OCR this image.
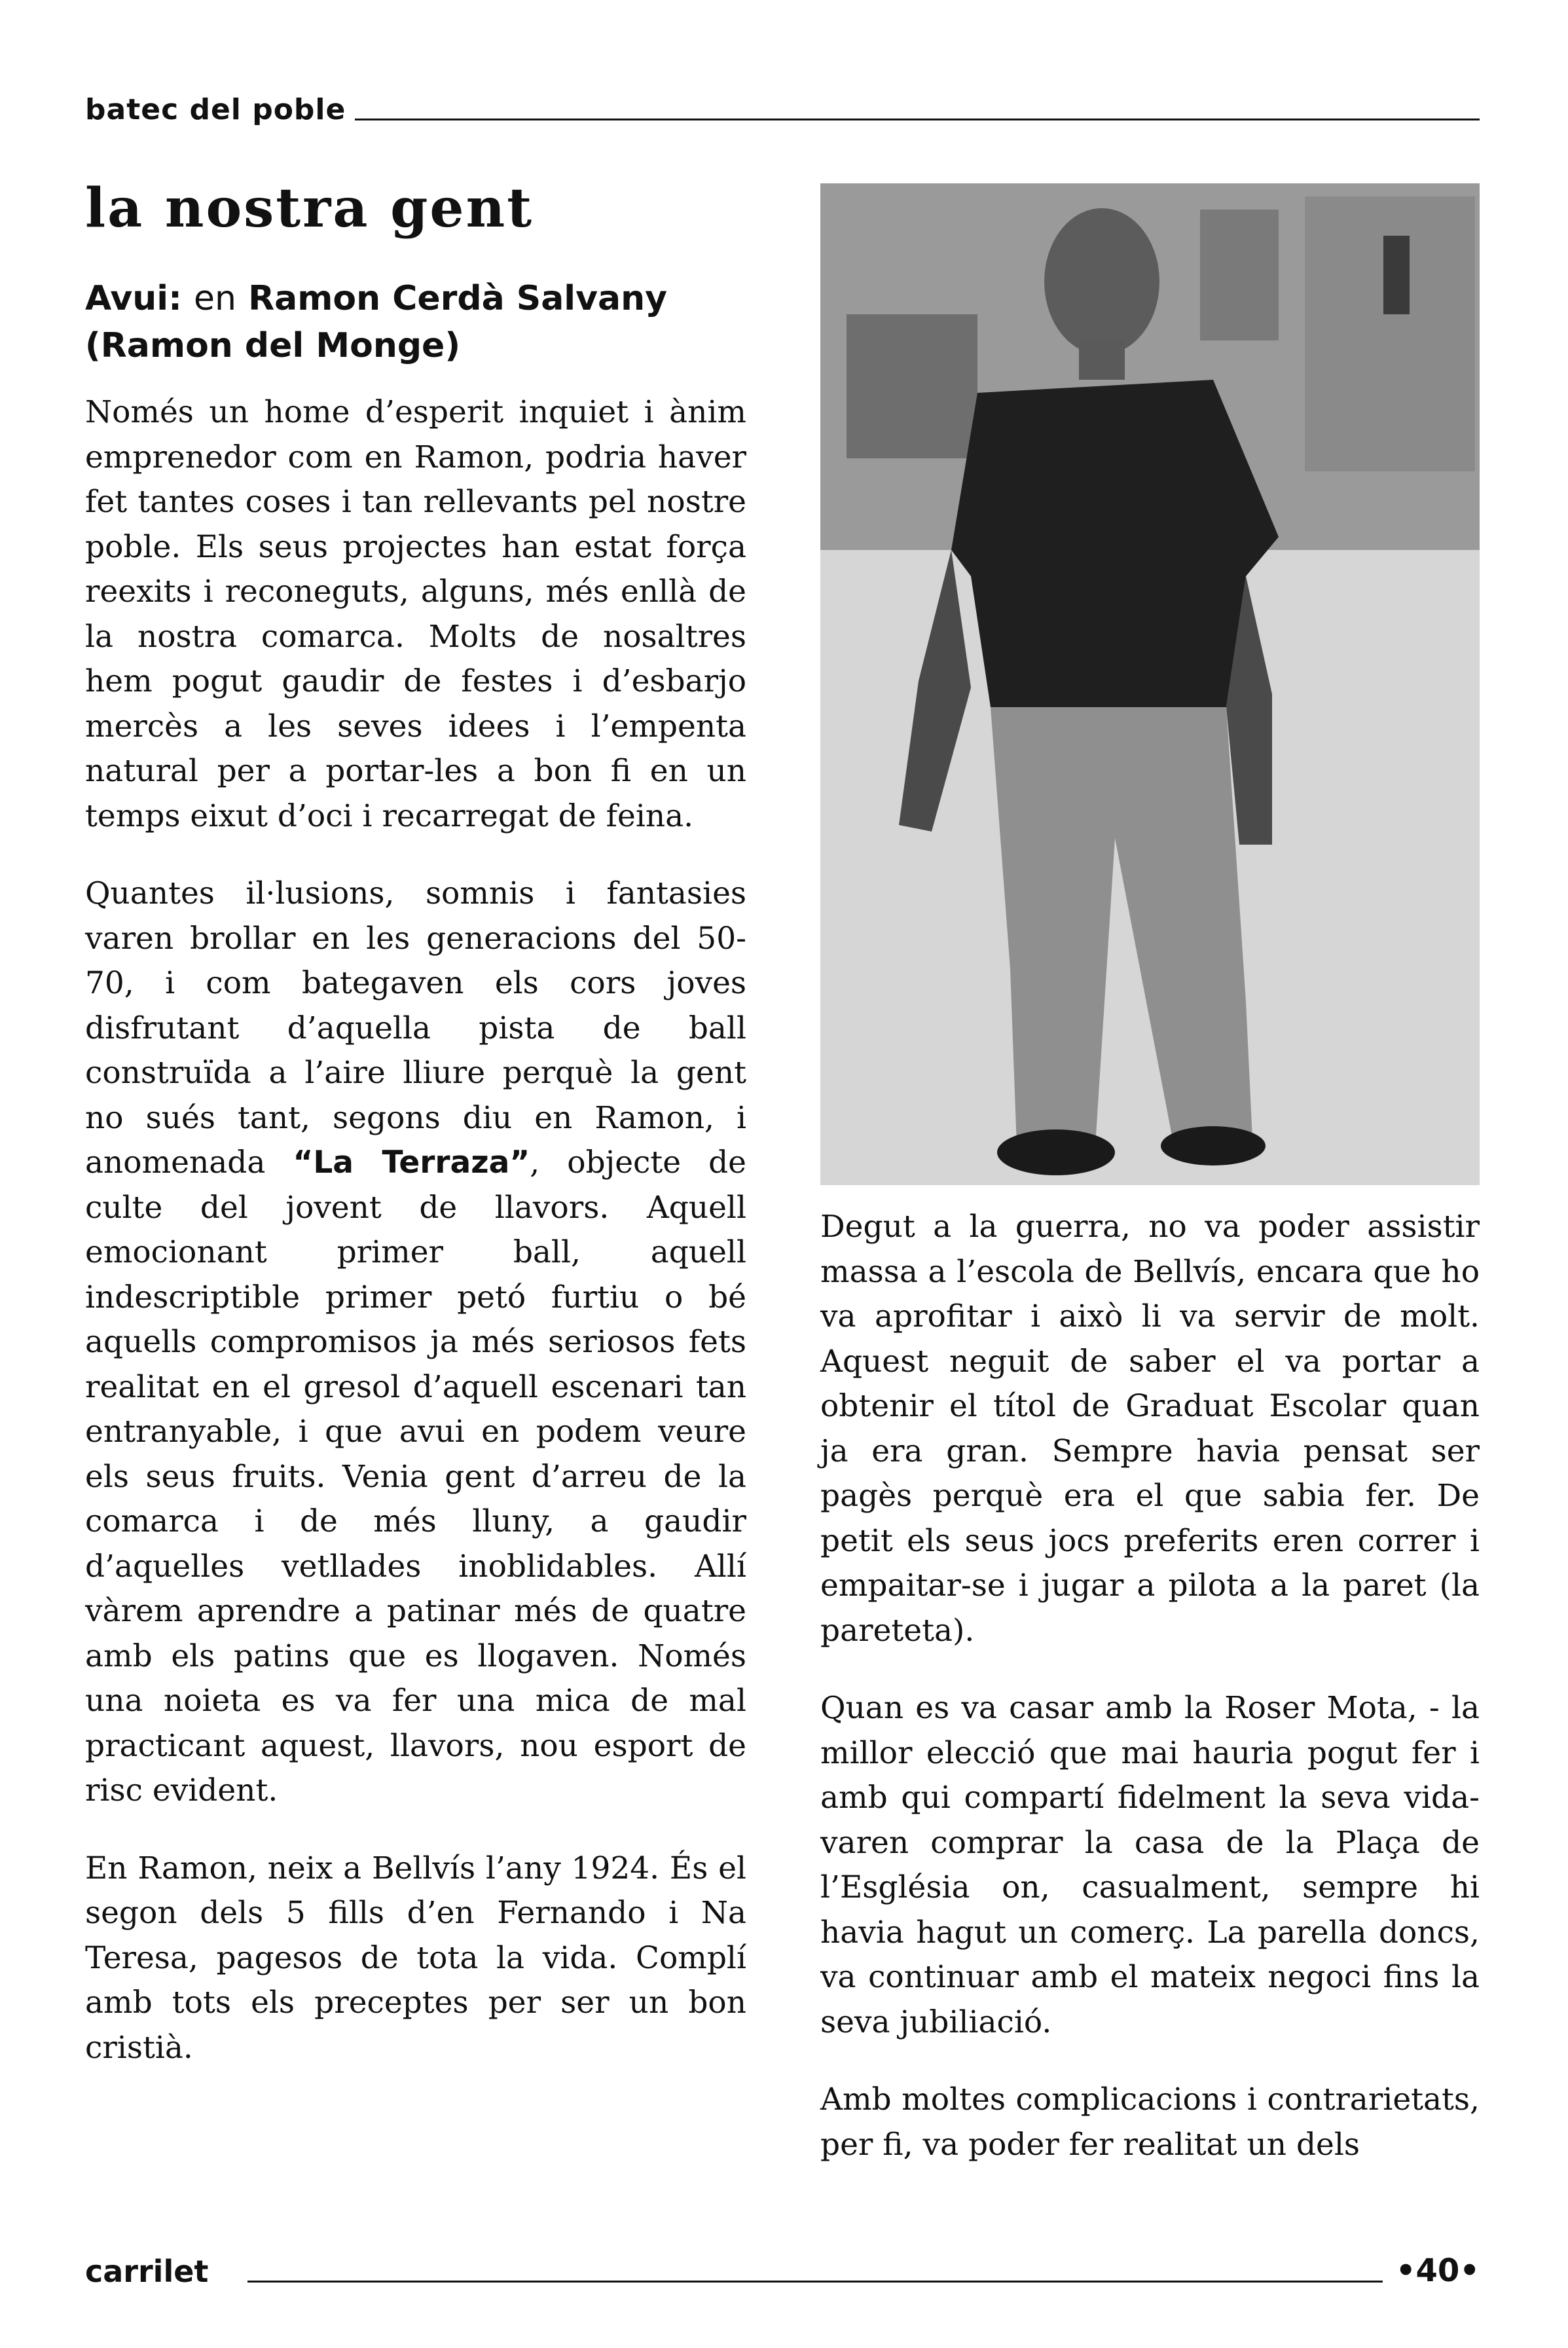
batec del poble
la nostra gent
Avui: en Ramon Cerdà Salvany
(Ramon del Monge)

Només un home d’esperit inquiet i ànim emprenedor com en Ramon, podria haver fet tantes coses i tan rellevants pel nostre poble. Els seus projectes han estat força reexits i reconeguts, alguns, més enllà de la nostra comarca. Molts de nosaltres hem pogut gaudir de festes i d’esbarjo mercès a les seves idees i l’empenta natural per a portar-les a bon fi en un temps eixut d’oci i recarregat de feina.

Quantes il·lusions, somnis i fantasies varen brollar en les generacions del 50-70, i com bategaven els cors joves disfrutant d’aquella pista de ball construïda a l’aire lliure perquè la gent no sués tant, segons diu en Ramon, i anomenada “La Terraza”, objecte de culte del jovent de llavors. Aquell emocionant primer ball, aquell indescriptible primer petó furtiu o bé aquells compromisos ja més seriosos fets realitat en el gresol d’aquell escenari tan entranyable, i que avui en podem veure els seus fruits. Venia gent d’arreu de la comarca i de més lluny, a gaudir d’aquelles vetllades inoblidables. Allí vàrem aprendre a patinar més de quatre amb els patins que es llogaven. Només una noieta es va fer una mica de mal practicant aquest, llavors, nou esport de risc evident.

En Ramon, neix a Bellvís l’any 1924. És el segon dels 5 fills d’en Fernando i Na Teresa, pagesos de tota la vida. Complí amb tots els preceptes per ser un bon cristià.

Degut a la guerra, no va poder assistir massa a l’escola de Bellvís, encara que ho va aprofitar i això li va servir de molt. Aquest neguit de saber el va portar a obtenir el títol de Graduat Escolar quan ja era gran. Sempre havia pensat ser pagès perquè era el que sabia fer. De petit els seus jocs preferits eren correr i empaitar-se i jugar a pilota a la paret (la pareteta).

Quan es va casar amb la Roser Mota, - la millor elecció que mai hauria pogut fer i amb qui compartí fidelment la seva vida- varen comprar la casa de la Plaça de l’Església on, casualment, sempre hi havia hagut un comerç. La parella doncs, va continuar amb el mateix negoci fins la seva jubiliació.

Amb moltes complicacions i contrarietats, per fi, va poder fer realitat un dels

carrilet	•40•
